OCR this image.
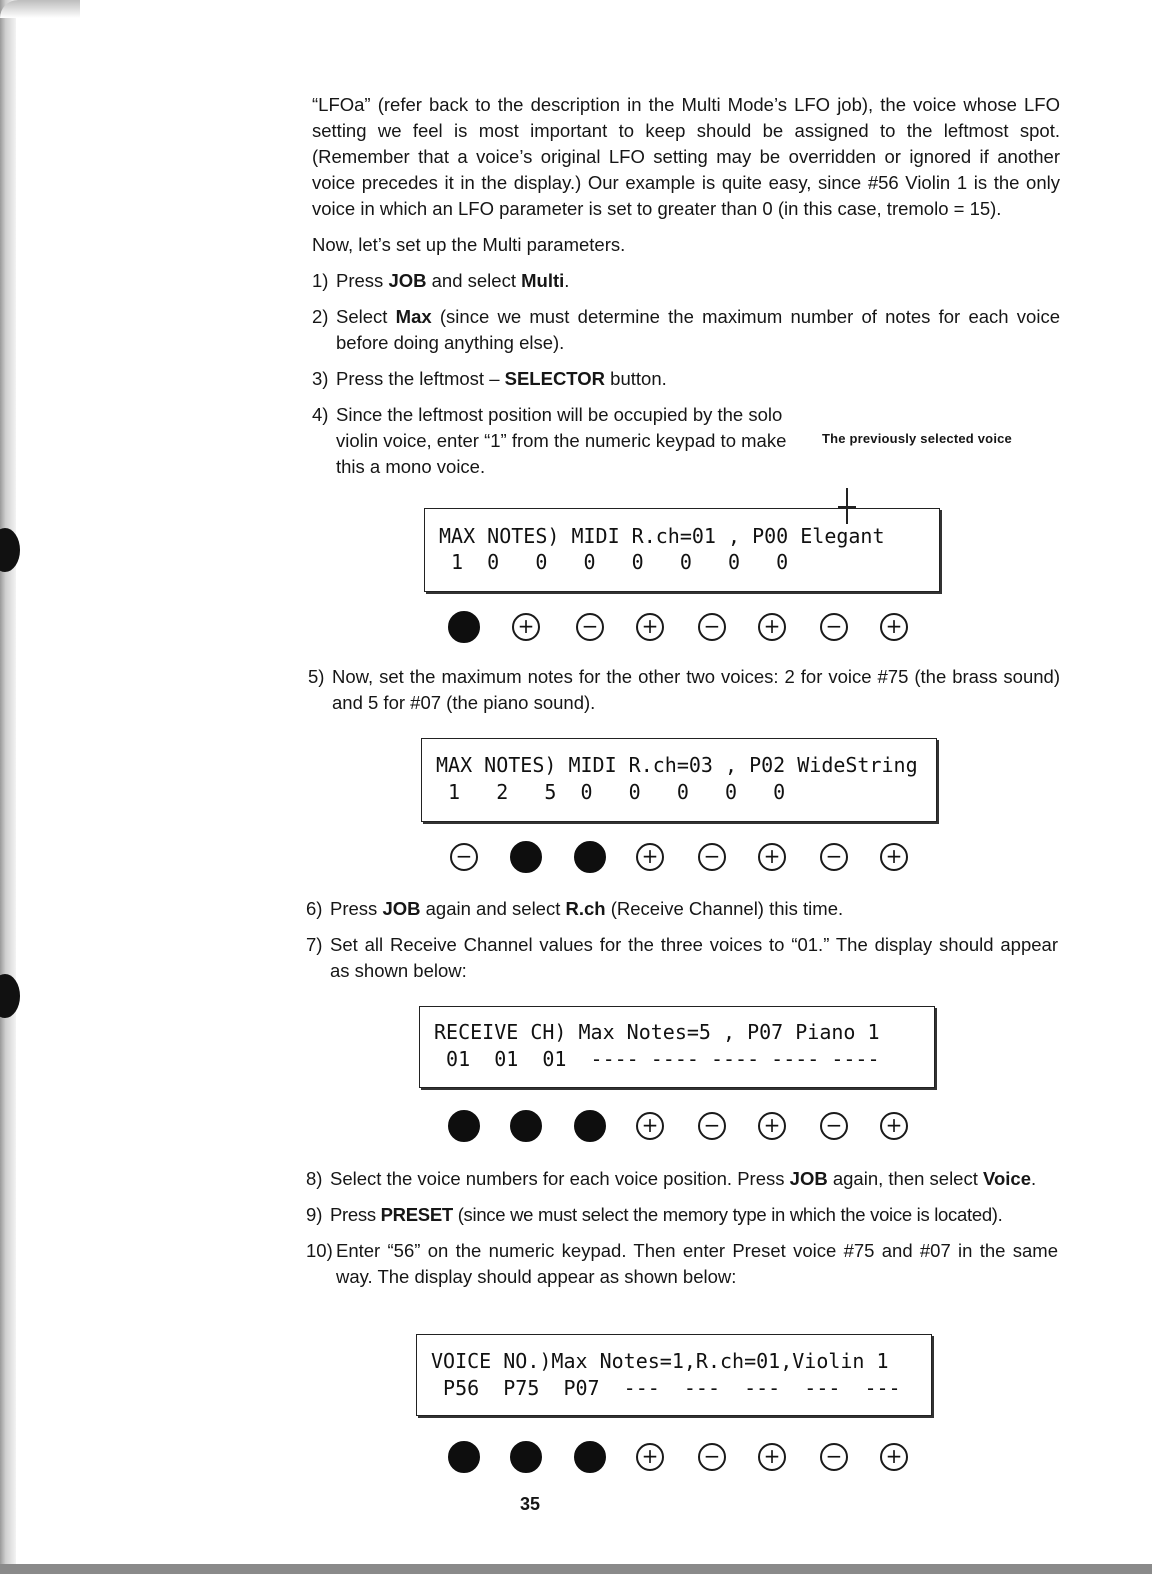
“LFOa” (refer back to the description in the Multi Mode’s LFO job), the voice whose LFO setting we feel is most important to keep should be assigned to the leftmost spot. (Remember that a voice’s original LFO setting may be overridden or ignored if another voice precedes it in the display.) Our example is quite easy, since #56 Violin 1 is the only voice in which an LFO parameter is set to greater than 0 (in this case, tremolo = 15).

Now, let’s set up the Multi parameters.

1) Press JOB and select Multi.
2) Select Max (since we must determine the maximum number of notes for each voice before doing anything else).
3) Press the leftmost – SELECTOR button.
4) Since the leftmost position will be occupied by the solo violin voice, enter “1” from the numeric keypad to make this a mono voice.
The previously selected voice
MAX NOTES) MIDI R.ch=01 , P00 Elegant
1  0   0   0   0   0   0   0
+ − + − + − +
5) Now, set the maximum notes for the other two voices: 2 for voice #75 (the brass sound) and 5 for #07 (the piano sound).
MAX NOTES) MIDI R.ch=03 , P02 WideString
1   2   5  0   0   0   0   0
−	+ − + − +
6) Press JOB again and select R.ch (Receive Channel) this time.
7) Set all Receive Channel values for the three voices to “01.” The display should appear as shown below:
RECEIVE CH) Max Notes=5 , P07 Piano 1
01  01  01  ---- ---- ---- ---- ----
+ − + − +
8) Select the voice numbers for each voice position. Press JOB again, then select Voice.
9) Press PRESET (since we must select the memory type in which the voice is located).
10) Enter “56” on the numeric keypad. Then enter Preset voice #75 and #07 in the same way. The display should appear as shown below:
VOICE NO.)Max Notes=1,R.ch=01,Violin 1
P56  P75  P07  ---  ---  ---  ---  ---
+ − + − +
35
